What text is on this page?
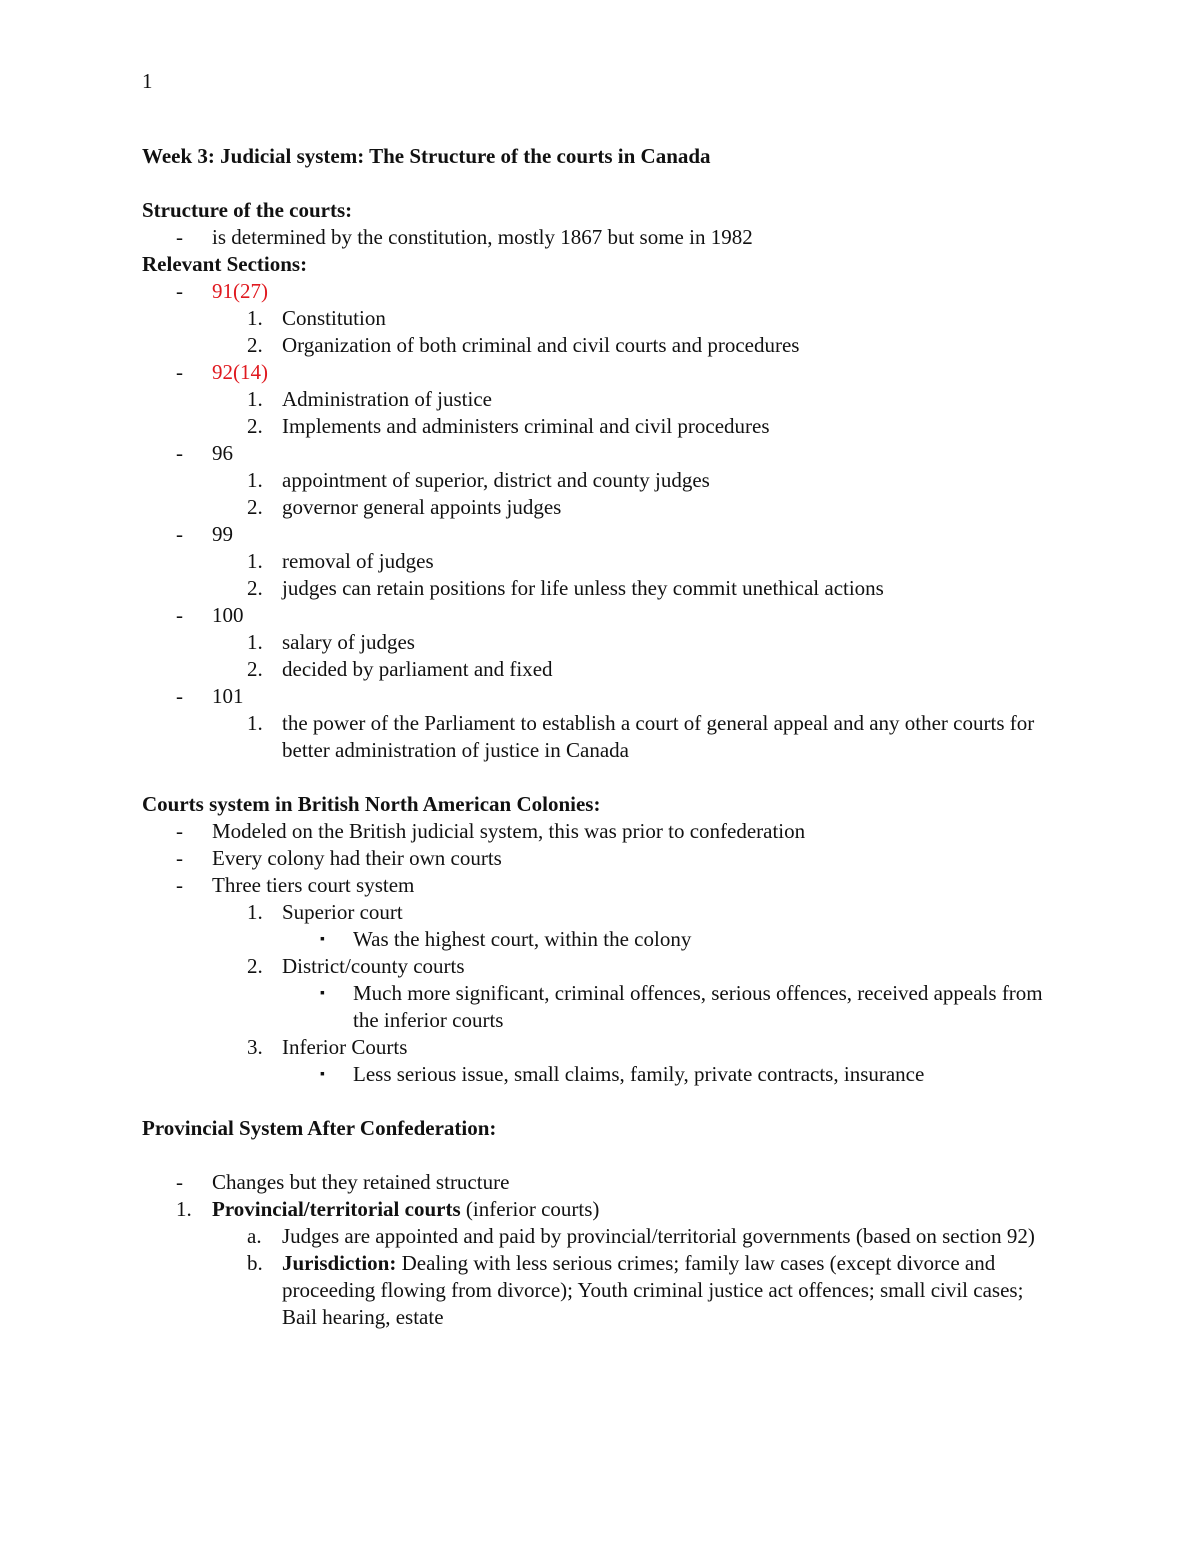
1
Week 3: Judicial system: The Structure of the courts in Canada
Structure of the courts:
- is determined by the constitution, mostly 1867 but some in 1982
Relevant Sections:
- 91(27)
1. Constitution
2. Organization of both criminal and civil courts and procedures
- 92(14)
1. Administration of justice
2. Implements and administers criminal and civil procedures
- 96
1. appointment of superior, district and county judges
2. governor general appoints judges
- 99
1. removal of judges
2. judges can retain positions for life unless they commit unethical actions
- 100
1. salary of judges
2. decided by parliament and fixed
- 101
1. the power of the Parliament to establish a court of general appeal and any other courts for better administration of justice in Canada
Courts system in British North American Colonies:
- Modeled on the British judicial system, this was prior to confederation
- Every colony had their own courts
- Three tiers court system
1. Superior court
▪ Was the highest court, within the colony
2. District/county courts
▪ Much more significant, criminal offences, serious offences, received appeals from the inferior courts
3. Inferior Courts
▪ Less serious issue, small claims, family, private contracts, insurance
Provincial System After Confederation:
- Changes but they retained structure
1. Provincial/territorial courts (inferior courts)
a. Judges are appointed and paid by provincial/territorial governments (based on section 92)
b. Jurisdiction: Dealing with less serious crimes; family law cases (except divorce and proceeding flowing from divorce); Youth criminal justice act offences; small civil cases; Bail hearing, estate
